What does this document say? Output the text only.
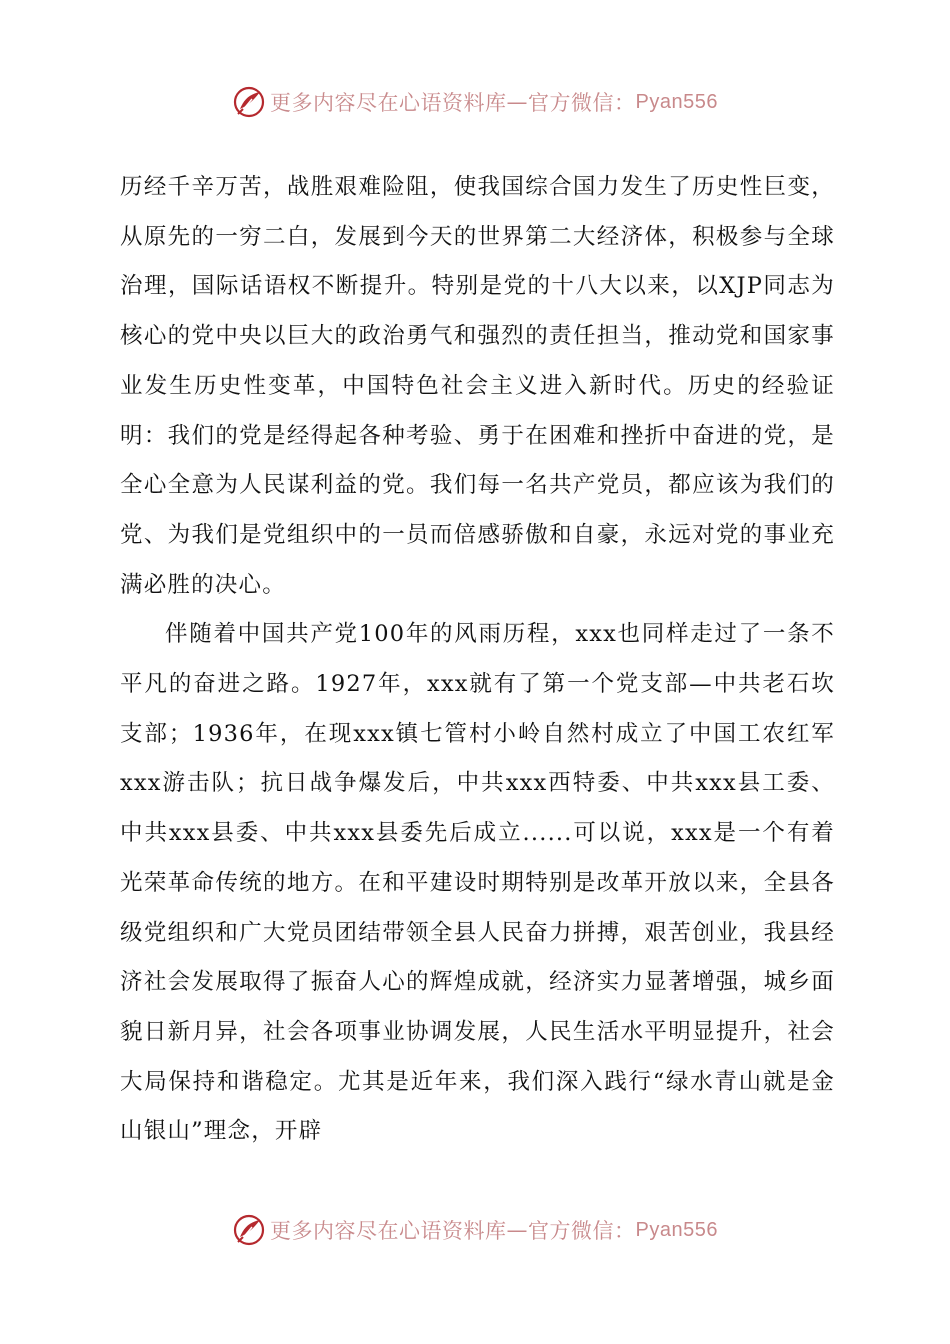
更多内容尽在心语资料库 — 官方微信： Pyan556

历经千辛万苦，战胜艰难险阻，使我国综合国力发生了历史性巨变，从原先的一穷二白，发展到今天的世界第二大经济体，积极参与全球治理，国际话语权不断提升。特别是党的十八大以来，以XJP同志为核心的党中央以巨大的政治勇气和强烈的责任担当，推动党和国家事业发生历史性变革，中国特色社会主义进入新时代。历史的经验证明：我们的党是经得起各种考验、勇于在困难和挫折中奋进的党，是全心全意为人民谋利益的党。我们每一名共产党员，都应该为我们的党、为我们是党组织中的一员而倍感骄傲和自豪，永远对党的事业充满必胜的决心。

伴随着中国共产党100年的风雨历程，xxx也同样走过了一条不平凡的奋进之路。1927年，xxx就有了第一个党支部—中共老石坎支部；1936年，在现xxx镇七管村小岭自然村成立了中国工农红军xxx游击队；抗日战争爆发后，中共xxx西特委、中共xxx县工委、中共xxx县委、中共xxx县委先后成立......可以说，xxx是一个有着光荣革命传统的地方。在和平建设时期特别是改革开放以来，全县各级党组织和广大党员团结带领全县人民奋力拼搏，艰苦创业，我县经济社会发展取得了振奋人心的辉煌成就，经济实力显著增强，城乡面貌日新月异，社会各项事业协调发展，人民生活水平明显提升，社会大局保持和谐稳定。尤其是近年来，我们深入践行“绿水青山就是金山银山”理念，开辟

更多内容尽在心语资料库 — 官方微信： Pyan556
